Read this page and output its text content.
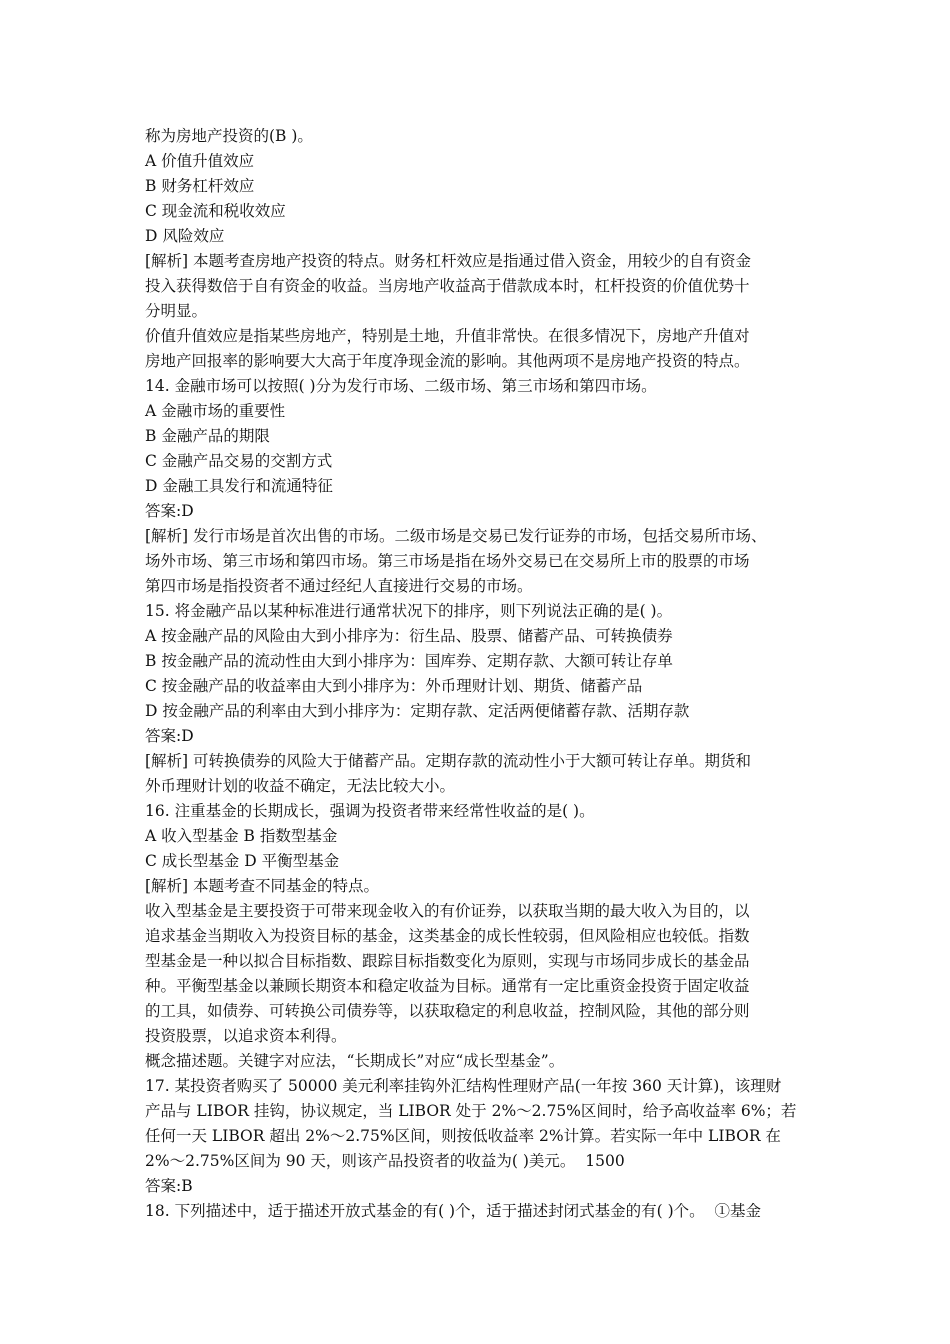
称为房地产投资的(B )。
A 价值升值效应
B 财务杠杆效应
C 现金流和税收效应
D 风险效应
[解析] 本题考查房地产投资的特点。财务杠杆效应是指通过借入资金，用较少的自有资金
投入获得数倍于自有资金的收益。当房地产收益高于借款成本时，杠杆投资的价值优势十
分明显。
价值升值效应是指某些房地产，特别是土地，升值非常快。在很多情况下，房地产升值对
房地产回报率的影响要大大高于年度净现金流的影响。其他两项不是房地产投资的特点。
14. 金融市场可以按照( )分为发行市场、二级市场、第三市场和第四市场。
A 金融市场的重要性
B 金融产品的期限
C 金融产品交易的交割方式
D 金融工具发行和流通特征
答案:D
[解析] 发行市场是首次出售的市场。二级市场是交易已发行证券的市场，包括交易所市场、
场外市场、第三市场和第四市场。第三市场是指在场外交易已在交易所上市的股票的市场
第四市场是指投资者不通过经纪人直接进行交易的市场。
15. 将金融产品以某种标准进行通常状况下的排序，则下列说法正确的是( )。
A 按金融产品的风险由大到小排序为：衍生品、股票、储蓄产品、可转换债券
B 按金融产品的流动性由大到小排序为：国库券、定期存款、大额可转让存单
C 按金融产品的收益率由大到小排序为：外币理财计划、期货、储蓄产品
D 按金融产品的利率由大到小排序为：定期存款、定活两便储蓄存款、活期存款
答案:D
[解析] 可转换债券的风险大于储蓄产品。定期存款的流动性小于大额可转让存单。期货和
外币理财计划的收益不确定，无法比较大小。
16. 注重基金的长期成长，强调为投资者带来经常性收益的是( )。
A 收入型基金 B 指数型基金
C 成长型基金 D 平衡型基金
[解析] 本题考查不同基金的特点。
收入型基金是主要投资于可带来现金收入的有价证券，以获取当期的最大收入为目的，以
追求基金当期收入为投资目标的基金，这类基金的成长性较弱，但风险相应也较低。指数
型基金是一种以拟合目标指数、跟踪目标指数变化为原则，实现与市场同步成长的基金品
种。平衡型基金以兼顾长期资本和稳定收益为目标。通常有一定比重资金投资于固定收益
的工具，如债券、可转换公司债券等，以获取稳定的利息收益，控制风险，其他的部分则
投资股票，以追求资本利得。
概念描述题。关键字对应法，“长期成长”对应“成长型基金”。
17. 某投资者购买了 50000 美元利率挂钩外汇结构性理财产品(一年按 360 天计算)，该理财
产品与 LIBOR 挂钩，协议规定，当 LIBOR 处于 2%～2.75%区间时，给予高收益率 6%；若
任何一天 LIBOR 超出 2%～2.75%区间，则按低收益率 2%计算。若实际一年中 LIBOR 在
2%～2.75%区间为 90 天，则该产品投资者的收益为( )美元。  1500
答案:B
18. 下列描述中，适于描述开放式基金的有( )个，适于描述封闭式基金的有( )个。  ①基金
